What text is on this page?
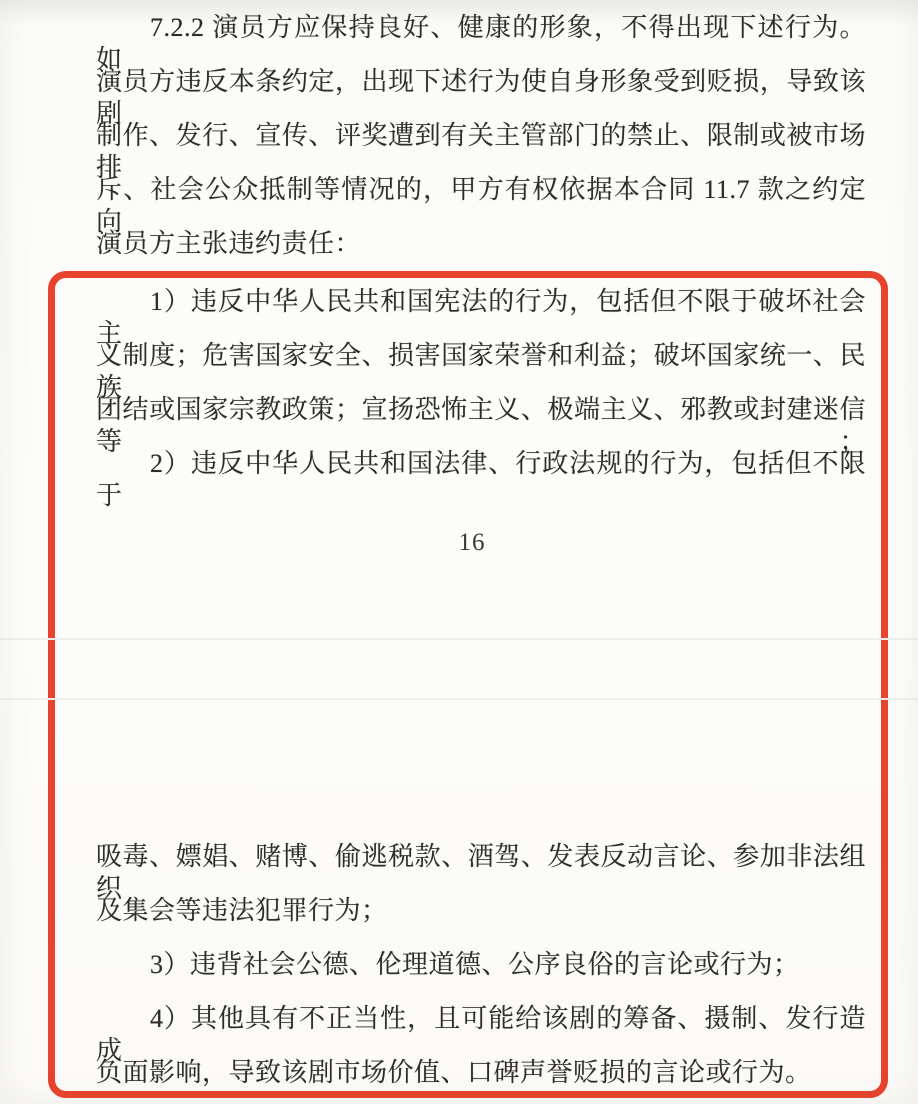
7.2.2 演员方应保持良好、健康的形象，不得出现下述行为。如
演员方违反本条约定，出现下述行为使自身形象受到贬损，导致该剧
制作、发行、宣传、评奖遭到有关主管部门的禁止、限制或被市场排
斥、社会公众抵制等情况的，甲方有权依据本合同 11.7 款之约定向
演员方主张违约责任：
1）违反中华人民共和国宪法的行为，包括但不限于破坏社会主
义制度；危害国家安全、损害国家荣誉和利益；破坏国家统一、民族
团结或国家宗教政策；宣扬恐怖主义、极端主义、邪教或封建迷信等；
2）违反中华人民共和国法律、行政法规的行为，包括但不限于
16
吸毒、嫖娼、赌博、偷逃税款、酒驾、发表反动言论、参加非法组织
及集会等违法犯罪行为；
3）违背社会公德、伦理道德、公序良俗的言论或行为；
4）其他具有不正当性，且可能给该剧的筹备、摄制、发行造成
负面影响，导致该剧市场价值、口碑声誉贬损的言论或行为。
